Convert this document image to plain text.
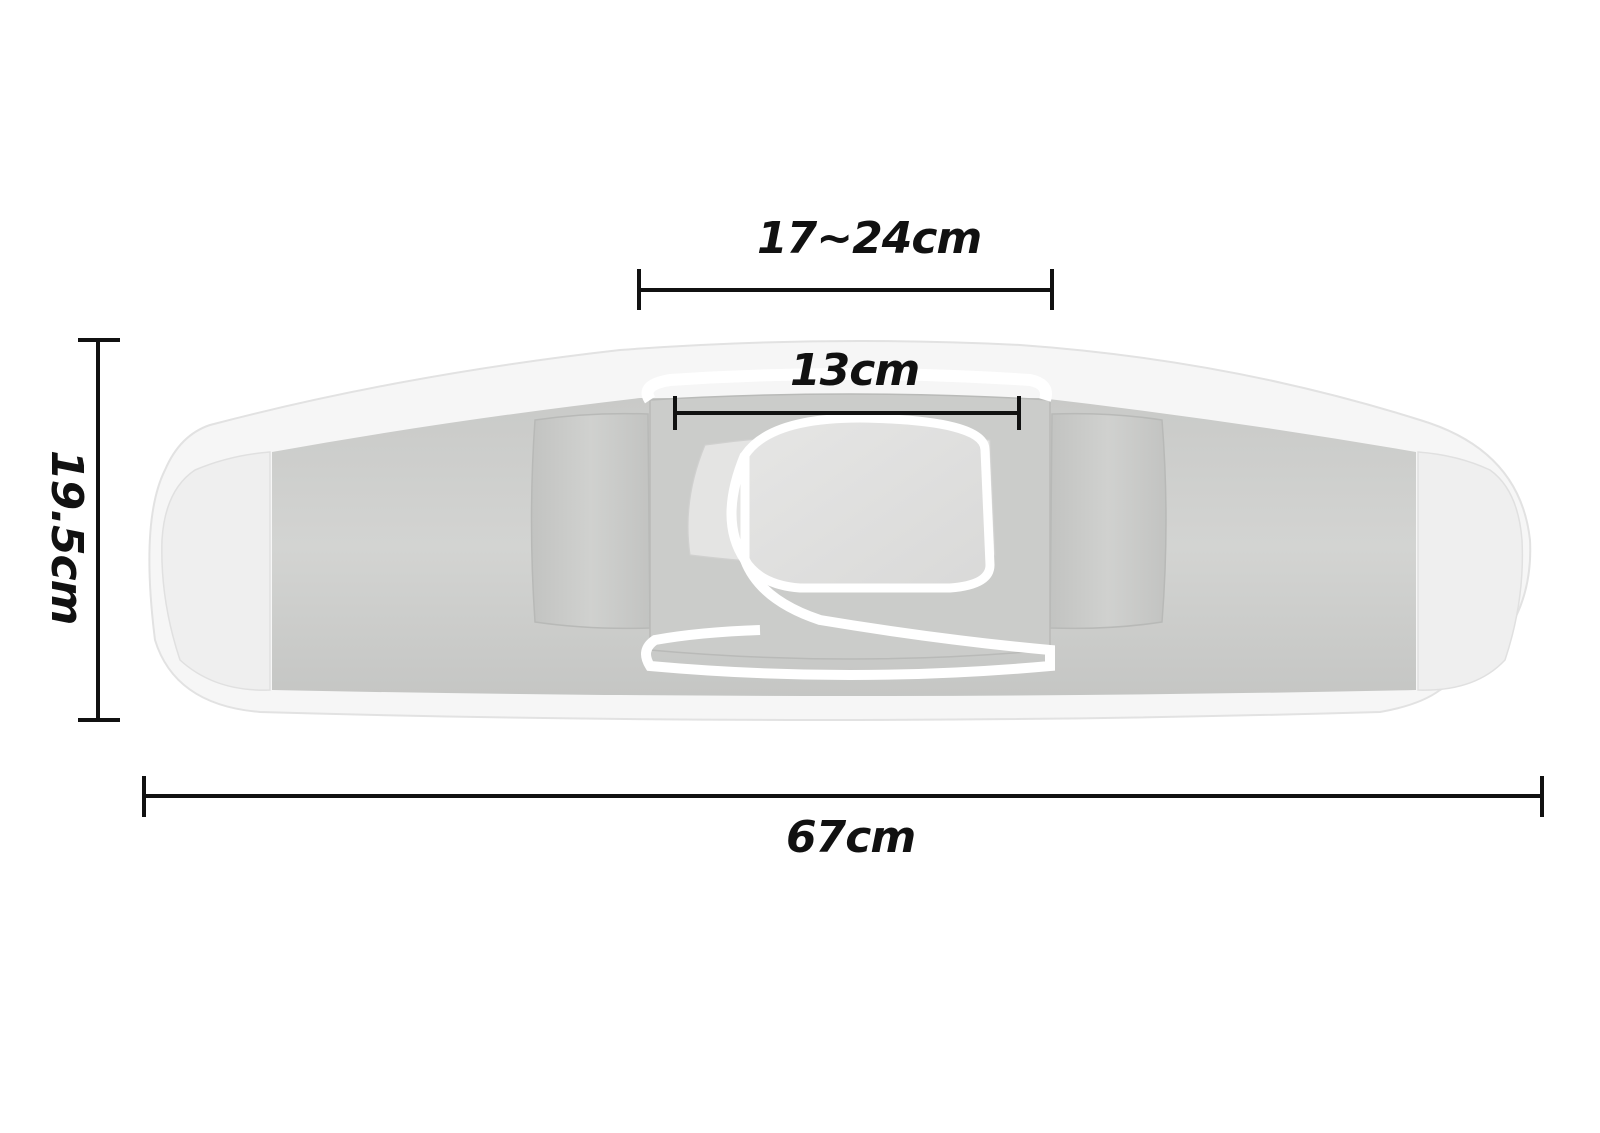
17~24cm
13cm
67cm
19.5cm
